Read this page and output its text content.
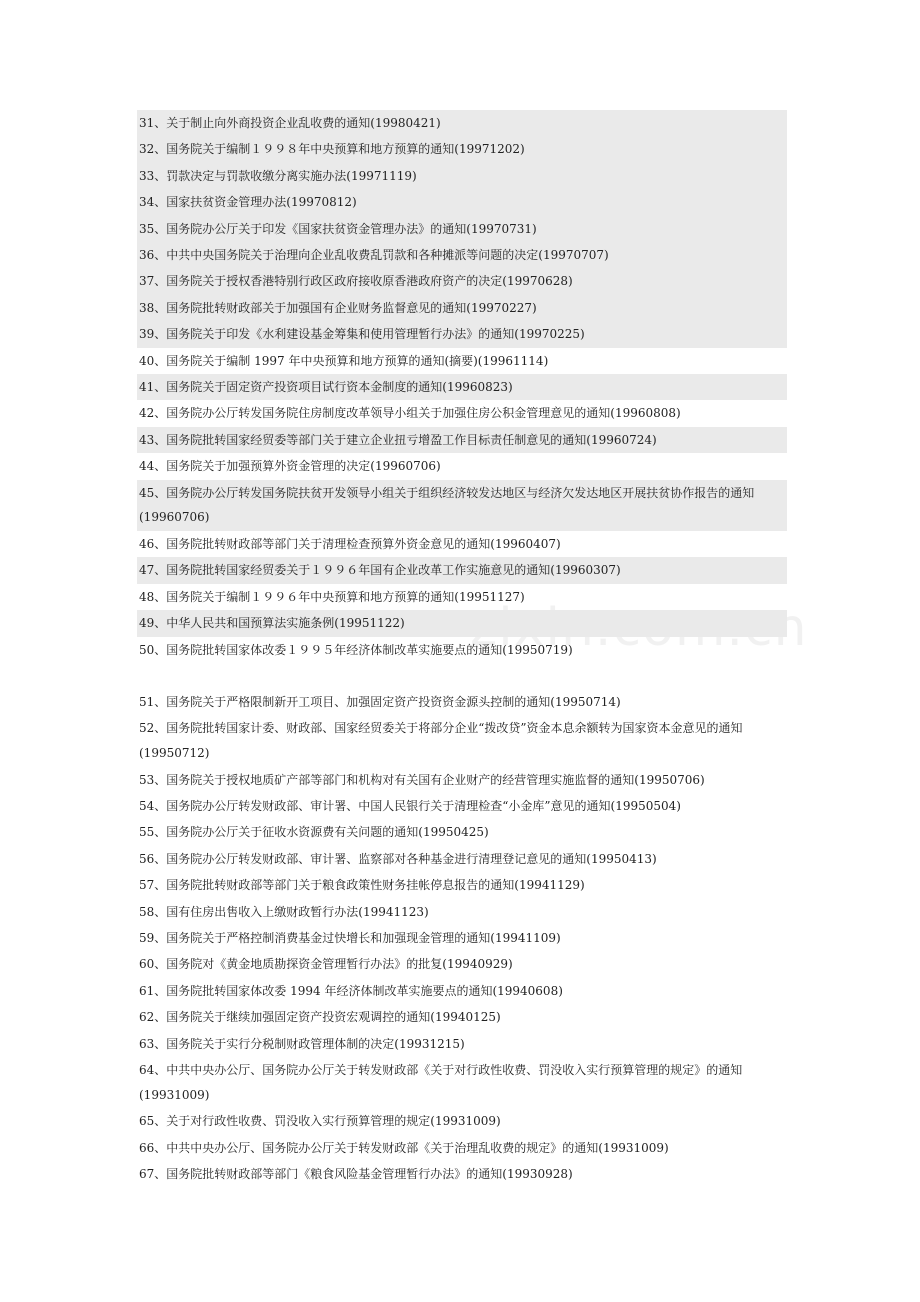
31、关于制止向外商投资企业乱收费的通知(19980421)
32、国务院关于编制１９９８年中央预算和地方预算的通知(19971202)
33、罚款决定与罚款收缴分离实施办法(19971119)
34、国家扶贫资金管理办法(19970812)
35、国务院办公厅关于印发《国家扶贫资金管理办法》的通知(19970731)
36、中共中央国务院关于治理向企业乱收费乱罚款和各种摊派等问题的决定(19970707)
37、国务院关于授权香港特别行政区政府接收原香港政府资产的决定(19970628)
38、国务院批转财政部关于加强国有企业财务监督意见的通知(19970227)
39、国务院关于印发《水利建设基金筹集和使用管理暂行办法》的通知(19970225)
40、国务院关于编制 1997 年中央预算和地方预算的通知(摘要)(19961114)
41、国务院关于固定资产投资项目试行资本金制度的通知(19960823)
42、国务院办公厅转发国务院住房制度改革领导小组关于加强住房公积金管理意见的通知(19960808)
43、国务院批转国家经贸委等部门关于建立企业扭亏增盈工作目标责任制意见的通知(19960724)
44、国务院关于加强预算外资金管理的决定(19960706)
45、国务院办公厅转发国务院扶贫开发领导小组关于组织经济较发达地区与经济欠发达地区开展扶贫协作报告的通知(19960706)
46、国务院批转财政部等部门关于清理检查预算外资金意见的通知(19960407)
47、国务院批转国家经贸委关于１９９６年国有企业改革工作实施意见的通知(19960307)
48、国务院关于编制１９９６年中央预算和地方预算的通知(19951127)
49、中华人民共和国预算法实施条例(19951122)
50、国务院批转国家体改委１９９５年经济体制改革实施要点的通知(19950719)
51、国务院关于严格限制新开工项目、加强固定资产投资资金源头控制的通知(19950714)
52、国务院批转国家计委、财政部、国家经贸委关于将部分企业“拨改贷”资金本息余额转为国家资本金意见的通知(19950712)
53、国务院关于授权地质矿产部等部门和机构对有关国有企业财产的经营管理实施监督的通知(19950706)
54、国务院办公厅转发财政部、审计署、中国人民银行关于清理检查“小金库”意见的通知(19950504)
55、国务院办公厅关于征收水资源费有关问题的通知(19950425)
56、国务院办公厅转发财政部、审计署、监察部对各种基金进行清理登记意见的通知(19950413)
57、国务院批转财政部等部门关于粮食政策性财务挂帐停息报告的通知(19941129)
58、国有住房出售收入上缴财政暂行办法(19941123)
59、国务院关于严格控制消费基金过快增长和加强现金管理的通知(19941109)
60、国务院对《黄金地质勘探资金管理暂行办法》的批复(19940929)
61、国务院批转国家体改委 1994 年经济体制改革实施要点的通知(19940608)
62、国务院关于继续加强固定资产投资宏观调控的通知(19940125)
63、国务院关于实行分税制财政管理体制的决定(19931215)
64、中共中央办公厅、国务院办公厅关于转发财政部《关于对行政性收费、罚没收入实行预算管理的规定》的通知(19931009)
65、关于对行政性收费、罚没收入实行预算管理的规定(19931009)
66、中共中央办公厅、国务院办公厅关于转发财政部《关于治理乱收费的规定》的通知(19931009)
67、国务院批转财政部等部门《粮食风险基金管理暂行办法》的通知(19930928)
